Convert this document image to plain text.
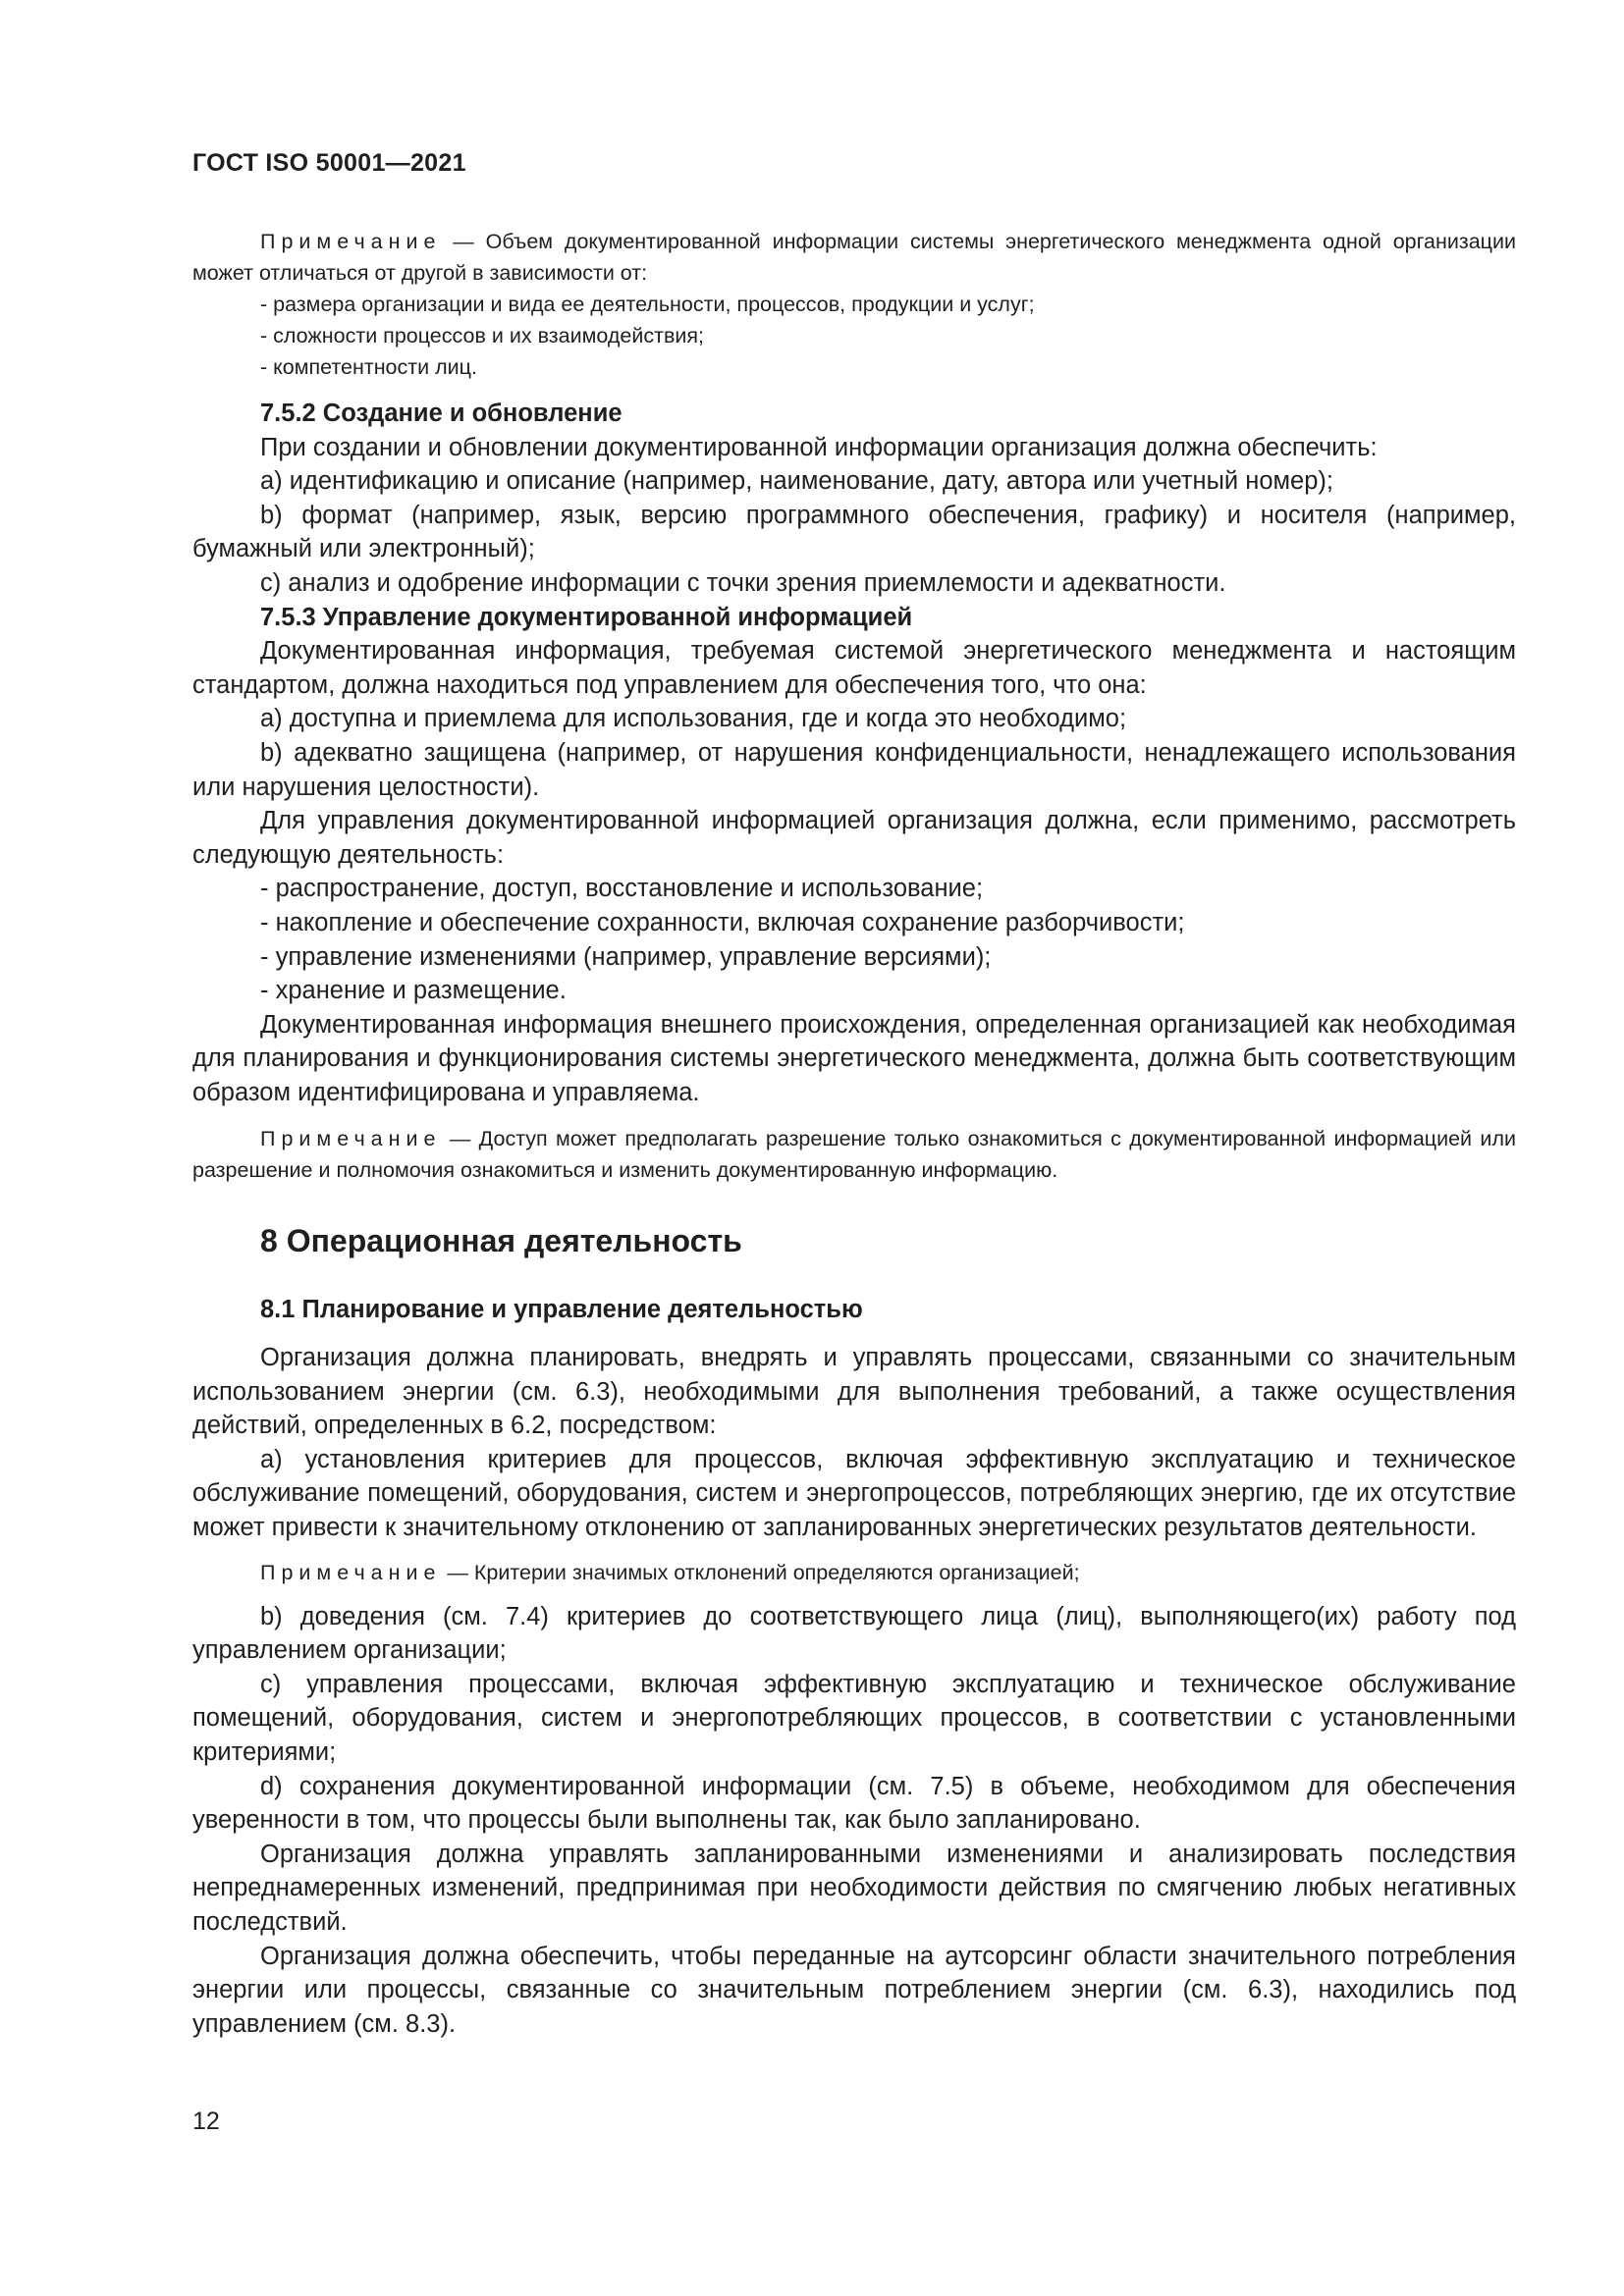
ГОСТ ISO 50001—2021

Примечание — Объем документированной информации системы энергетического менеджмента одной организации может отличаться от другой в зависимости от:

- размера организации и вида ее деятельности, процессов, продукции и услуг;

- сложности процессов и их взаимодействия;

- компетентности лиц.

7.5.2 Создание и обновление

При создании и обновлении документированной информации организация должна обеспечить:

a) идентификацию и описание (например, наименование, дату, автора или учетный номер);

b) формат (например, язык, версию программного обеспечения, графику) и носителя (например, бумажный или электронный);

c) анализ и одобрение информации с точки зрения приемлемости и адекватности.

7.5.3 Управление документированной информацией

Документированная информация, требуемая системой энергетического менеджмента и настоящим стандартом, должна находиться под управлением для обеспечения того, что она:

a) доступна и приемлема для использования, где и когда это необходимо;

b) адекватно защищена (например, от нарушения конфиденциальности, ненадлежащего использования или нарушения целостности).

Для управления документированной информацией организация должна, если применимо, рассмотреть следующую деятельность:

- распространение, доступ, восстановление и использование;

- накопление и обеспечение сохранности, включая сохранение разборчивости;

- управление изменениями (например, управление версиями);

- хранение и размещение.

Документированная информация внешнего происхождения, определенная организацией как необходимая для планирования и функционирования системы энергетического менеджмента, должна быть соответствующим образом идентифицирована и управляема.

Примечание — Доступ может предполагать разрешение только ознакомиться с документированной информацией или разрешение и полномочия ознакомиться и изменить документированную информацию.

8 Операционная деятельность

8.1 Планирование и управление деятельностью

Организация должна планировать, внедрять и управлять процессами, связанными со значительным использованием энергии (см. 6.3), необходимыми для выполнения требований, а также осуществления действий, определенных в 6.2, посредством:

а) установления критериев для процессов, включая эффективную эксплуатацию и техническое обслуживание помещений, оборудования, систем и энергопроцессов, потребляющих энергию, где их отсутствие может привести к значительному отклонению от запланированных энергетических результатов деятельности.

Примечание — Критерии значимых отклонений определяются организацией;

b) доведения (см. 7.4) критериев до соответствующего лица (лиц), выполняющего(их) работу под управлением организации;

c) управления процессами, включая эффективную эксплуатацию и техническое обслуживание помещений, оборудования, систем и энергопотребляющих процессов, в соответствии с установленными критериями;

d) сохранения документированной информации (см. 7.5) в объеме, необходимом для обеспечения уверенности в том, что процессы были выполнены так, как было запланировано.

Организация должна управлять запланированными изменениями и анализировать последствия непреднамеренных изменений, предпринимая при необходимости действия по смягчению любых негативных последствий.

Организация должна обеспечить, чтобы переданные на аутсорсинг области значительного потребления энергии или процессы, связанные со значительным потреблением энергии (см. 6.3), находились под управлением (см. 8.3).

12
